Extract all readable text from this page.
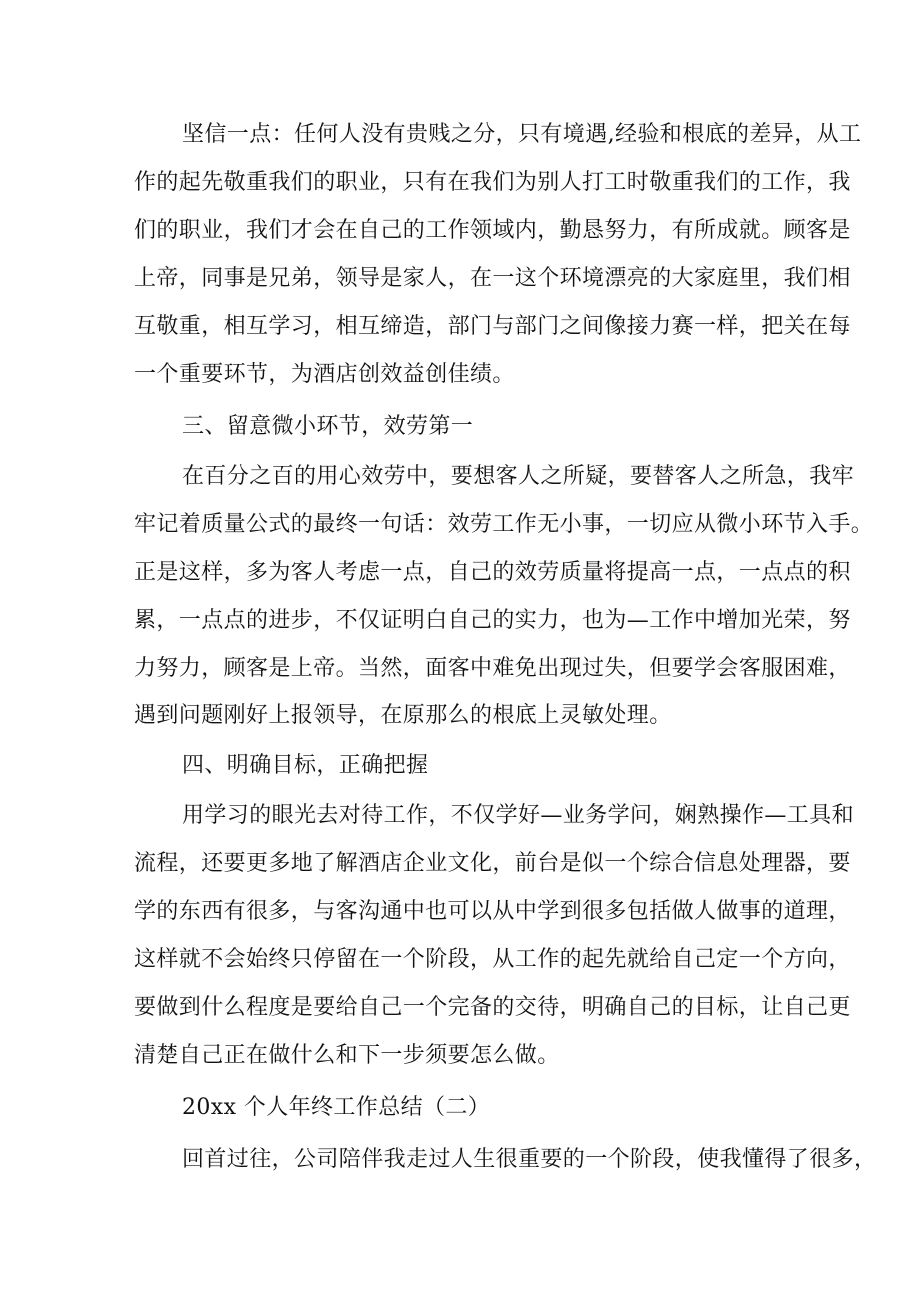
坚信一点：任何人没有贵贱之分，只有境遇,经验和根底的差异，从工
作的起先敬重我们的职业，只有在我们为别人打工时敬重我们的工作，我
们的职业，我们才会在自己的工作领域内，勤恳努力，有所成就。顾客是
上帝，同事是兄弟，领导是家人，在一这个环境漂亮的大家庭里，我们相
互敬重，相互学习，相互缔造，部门与部门之间像接力赛一样，把关在每
一个重要环节，为酒店创效益创佳绩。
三、留意微小环节，效劳第一
在百分之百的用心效劳中，要想客人之所疑，要替客人之所急，我牢
牢记着质量公式的最终一句话：效劳工作无小事，一切应从微小环节入手。
正是这样，多为客人考虑一点，自己的效劳质量将提高一点，一点点的积
累，一点点的进步，不仅证明白自己的实力，也为—工作中增加光荣，努
力努力，顾客是上帝。当然，面客中难免出现过失，但要学会客服困难，
遇到问题刚好上报领导，在原那么的根底上灵敏处理。
四、明确目标，正确把握
用学习的眼光去对待工作，不仅学好—业务学问，娴熟操作—工具和
流程，还要更多地了解酒店企业文化，前台是似一个综合信息处理器，要
学的东西有很多，与客沟通中也可以从中学到很多包括做人做事的道理，
这样就不会始终只停留在一个阶段，从工作的起先就给自己定一个方向，
要做到什么程度是要给自己一个完备的交待，明确自己的目标，让自己更
清楚自己正在做什么和下一步须要怎么做。
20xx 个人年终工作总结（二）
回首过往，公司陪伴我走过人生很重要的一个阶段，使我懂得了很多，
